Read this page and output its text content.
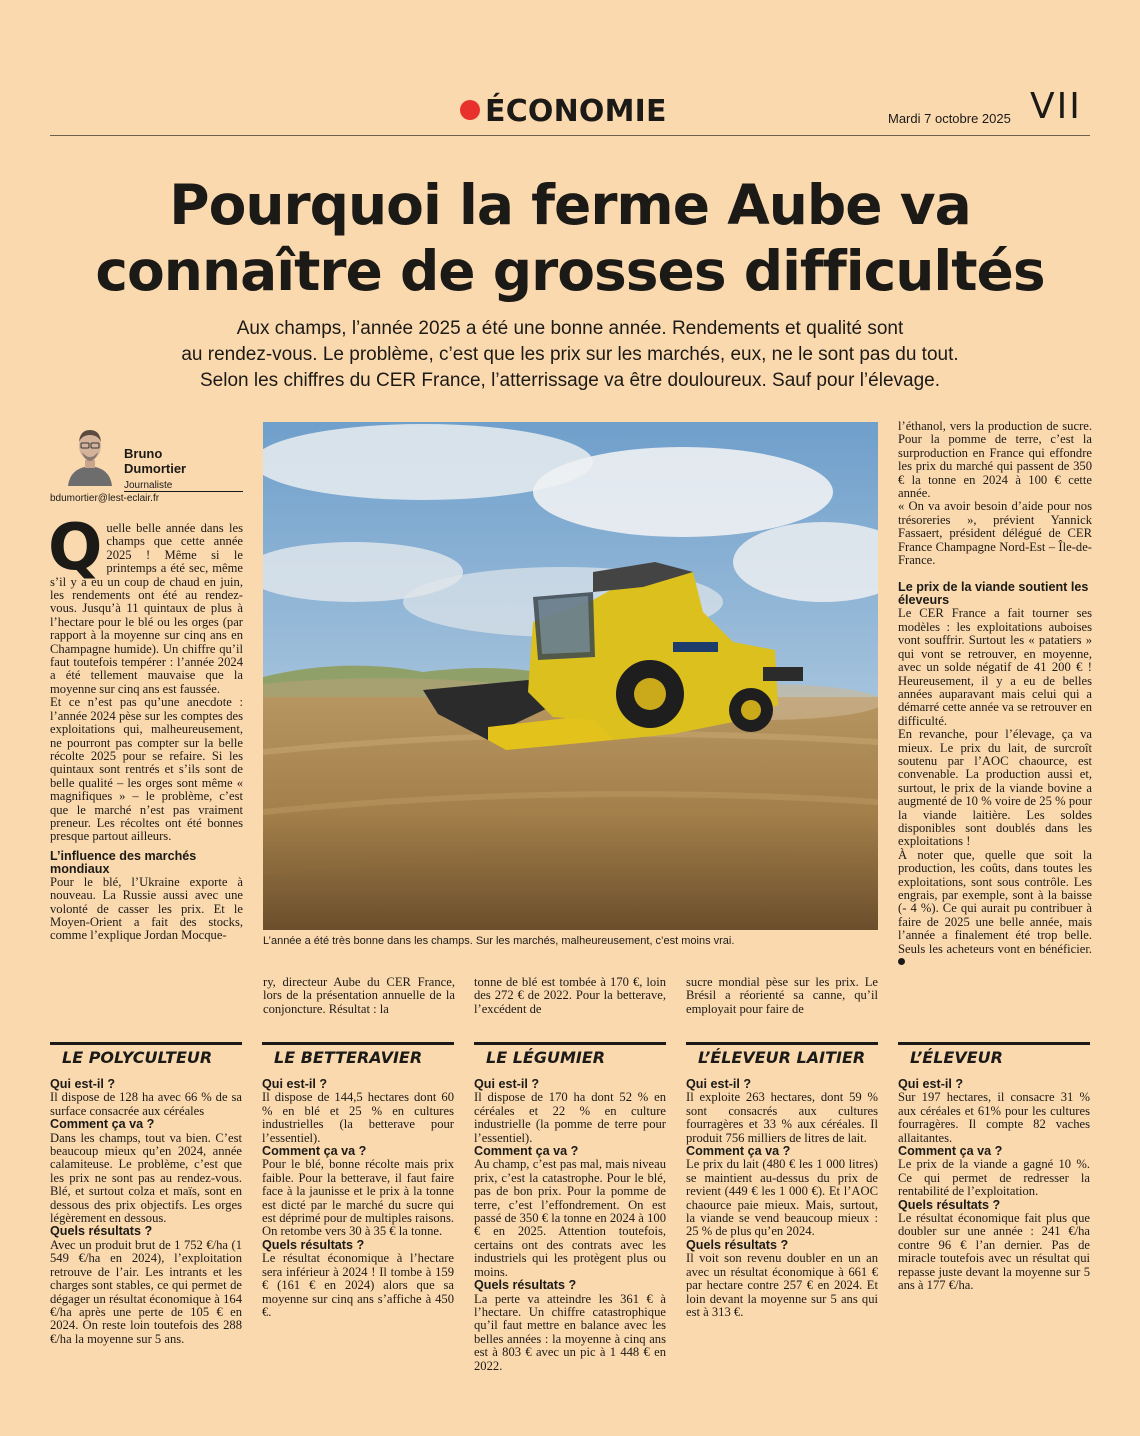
ÉCONOMIE	Mardi 7 octobre 2025 VII
Pourquoi la ferme Aube va connaître de grosses difficultés
Aux champs, l’année 2025 a été une bonne année. Rendements et qualité sont
au rendez-vous. Le problème, c’est que les prix sur les marchés, eux, ne le sont pas du tout.
Selon les chiffres du CER France, l’atterrissage va être douloureux. Sauf pour l’élevage.
Bruno Dumortier
Journaliste
bdumortier@lest-eclair.fr

Quelle belle année dans les champs que cette année 2025 ! Même si le printemps a été sec, même s’il y a eu un coup de chaud en juin, les rendements ont été au rendez-vous. Jusqu’à 11 quintaux de plus à l’hectare pour le blé ou les orges (par rapport à la moyenne sur cinq ans en Champagne humide). Un chiffre qu’il faut toutefois tempérer : l’année 2024 a été tellement mauvaise que la moyenne sur cinq ans est faussée.

Et ce n’est pas qu’une anecdote : l’année 2024 pèse sur les comptes des exploitations qui, malheureusement, ne pourront pas compter sur la belle récolte 2025 pour se refaire. Si les quintaux sont rentrés et s’ils sont de belle qualité – les orges sont même « magnifiques » – le problème, c’est que le marché n’est pas vraiment preneur. Les récoltes ont été bonnes presque partout ailleurs.

L’influence des marchés mondiaux

Pour le blé, l’Ukraine exporte à nouveau. La Russie aussi avec une volonté de casser les prix. Et le Moyen-Orient a fait des stocks, comme l’explique Jordan Mocque-	L’année a été très bonne dans les champs. Sur les marchés, malheureusement, c’est moins vrai.

ry, directeur Aube du CER France, lors de la présentation annuelle de la conjoncture. Résultat : la

tonne de blé est tombée à 170 €, loin des 272 € de 2022. Pour la betterave, l’excédent de

sucre mondial pèse sur les prix. Le Brésil a réorienté sa canne, qu’il employait pour faire de

l’éthanol, vers la production de sucre. Pour la pomme de terre, c’est la surproduction en France qui effondre les prix du marché qui passent de 350 € la tonne en 2024 à 100 € cette année.

« On va avoir besoin d’aide pour nos trésoreries », prévient Yannick Fassaert, président délégué de CER France Champagne Nord-Est – Île-de-France.

Le prix de la viande soutient les éleveurs

Le CER France a fait tourner ses modèles : les exploitations auboises vont souffrir. Surtout les « patatiers » qui vont se retrouver, en moyenne, avec un solde négatif de 41 200 € ! Heureusement, il y a eu de belles années auparavant mais celui qui a démarré cette année va se retrouver en difficulté.

En revanche, pour l’élevage, ça va mieux. Le prix du lait, de surcroît soutenu par l’AOC chaource, est convenable. La production aussi et, surtout, le prix de la viande bovine a augmenté de 10 % voire de 25 % pour la viande laitière. Les soldes disponibles sont doublés dans les exploitations !

À noter que, quelle que soit la production, les coûts, dans toutes les exploitations, sont sous contrôle. Les engrais, par exemple, sont à la baisse (- 4 %). Ce qui aurait pu contribuer à faire de 2025 une belle année, mais l’année a finalement été trop belle. Seuls les acheteurs vont en bénéficier.

LE POLYCULTEUR
Qui est-il ?
Il dispose de 128 ha avec 66 % de sa surface consacrée aux céréales
Comment ça va ?
Dans les champs, tout va bien. C’est beaucoup mieux qu’en 2024, année calamiteuse. Le problème, c’est que les prix ne sont pas au rendez-vous. Blé, et surtout colza et maïs, sont en dessous des prix objectifs. Les orges légèrement en dessous.
Quels résultats ?
Avec un produit brut de 1 752 €/ha (1 549 €/ha en 2024), l’exploitation retrouve de l’air. Les intrants et les charges sont stables, ce qui permet de dégager un résultat économique à 164 €/ha après une perte de 105 € en 2024. On reste loin toutefois des 288 €/ha la moyenne sur 5 ans.
LE BETTERAVIER
Qui est-il ?
Il dispose de 144,5 hectares dont 60 % en blé et 25 % en cultures industrielles (la betterave pour l’essentiel).
Comment ça va ?
Pour le blé, bonne récolte mais prix faible. Pour la betterave, il faut faire face à la jaunisse et le prix à la tonne est dicté par le marché du sucre qui est déprimé pour de multiples raisons. On retombe vers 30 à 35 € la tonne.
Quels résultats ?
Le résultat économique à l’hectare sera inférieur à 2024 ! Il tombe à 159 € (161 € en 2024) alors que sa moyenne sur cinq ans s’affiche à 450 €.
LE LÉGUMIER
Qui est-il ?
Il dispose de 170 ha dont 52 % en céréales et 22 % en culture industrielle (la pomme de terre pour l’essentiel).
Comment ça va ?
Au champ, c’est pas mal, mais niveau prix, c’est la catastrophe. Pour le blé, pas de bon prix. Pour la pomme de terre, c’est l’effondrement. On est passé de 350 € la tonne en 2024 à 100 € en 2025. Attention toutefois, certains ont des contrats avec les industriels qui les protègent plus ou moins.
Quels résultats ?
La perte va atteindre les 361 € à l’hectare. Un chiffre catastrophique qu’il faut mettre en balance avec les belles années : la moyenne à cinq ans est à 803 € avec un pic à 1 448 € en 2022.
L’ÉLEVEUR LAITIER
Qui est-il ?
Il exploite 263 hectares, dont 59 % sont consacrés aux cultures fourragères et 33 % aux céréales. Il produit 756 milliers de litres de lait.
Comment ça va ?
Le prix du lait (480 € les 1 000 litres) se maintient au-dessus du prix de revient (449 € les 1 000 €). Et l’AOC chaource paie mieux. Mais, surtout, la viande se vend beaucoup mieux : 25 % de plus qu’en 2024.
Quels résultats ?
Il voit son revenu doubler en un an avec un résultat économique à 661 € par hectare contre 257 € en 2024. Et loin devant la moyenne sur 5 ans qui est à 313 €.
L’ÉLEVEUR
Qui est-il ?
Sur 197 hectares, il consacre 31 % aux céréales et 61% pour les cultures fourragères. Il compte 82 vaches allaitantes.
Comment ça va ?
Le prix de la viande a gagné 10 %. Ce qui permet de redresser la rentabilité de l’exploitation.
Quels résultats ?
Le résultat économique fait plus que doubler sur une année : 241 €/ha contre 96 € l’an dernier. Pas de miracle toutefois avec un résultat qui repasse juste devant la moyenne sur 5 ans à 177 €/ha.
